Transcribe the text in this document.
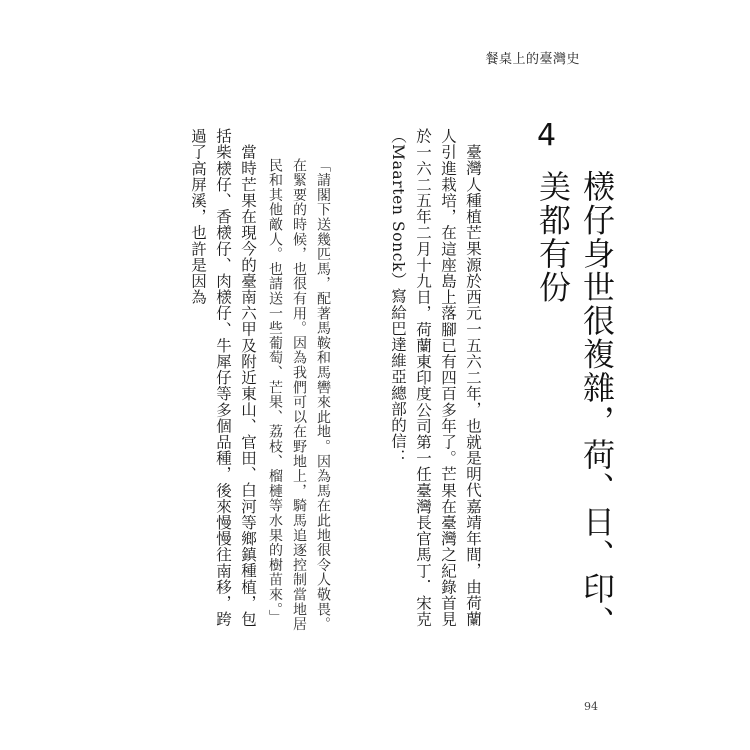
餐桌上的臺灣史
4
檨仔身世很複雜，荷、日、印、美都有份

臺灣人種植芒果源於西元一五六二年，也就是明代嘉靖年間，由荷蘭人引進栽培，在這座島上落腳已有四百多年了。芒果在臺灣之紀錄首見於一六二五年二月十九日，荷蘭東印度公司第一任臺灣長官馬丁．宋克（Maarten Sonck）寫給巴達維亞總部的信：

「請閣下送幾匹馬，配著馬鞍和馬轡來此地。因為馬在此地很令人敬畏。在緊要的時候，也很有用。因為我們可以在野地上，騎馬追逐控制當地居民和其他敵人。也請送一些葡萄、芒果、荔枝、榴槤等水果的樹苗來。」

當時芒果在現今的臺南六甲及附近東山、官田、白河等鄉鎮種植，包括柴檨仔、香檨仔、肉檨仔、牛犀仔等多個品種，後來慢慢往南移，跨過了高屏溪，也許是因為

94
